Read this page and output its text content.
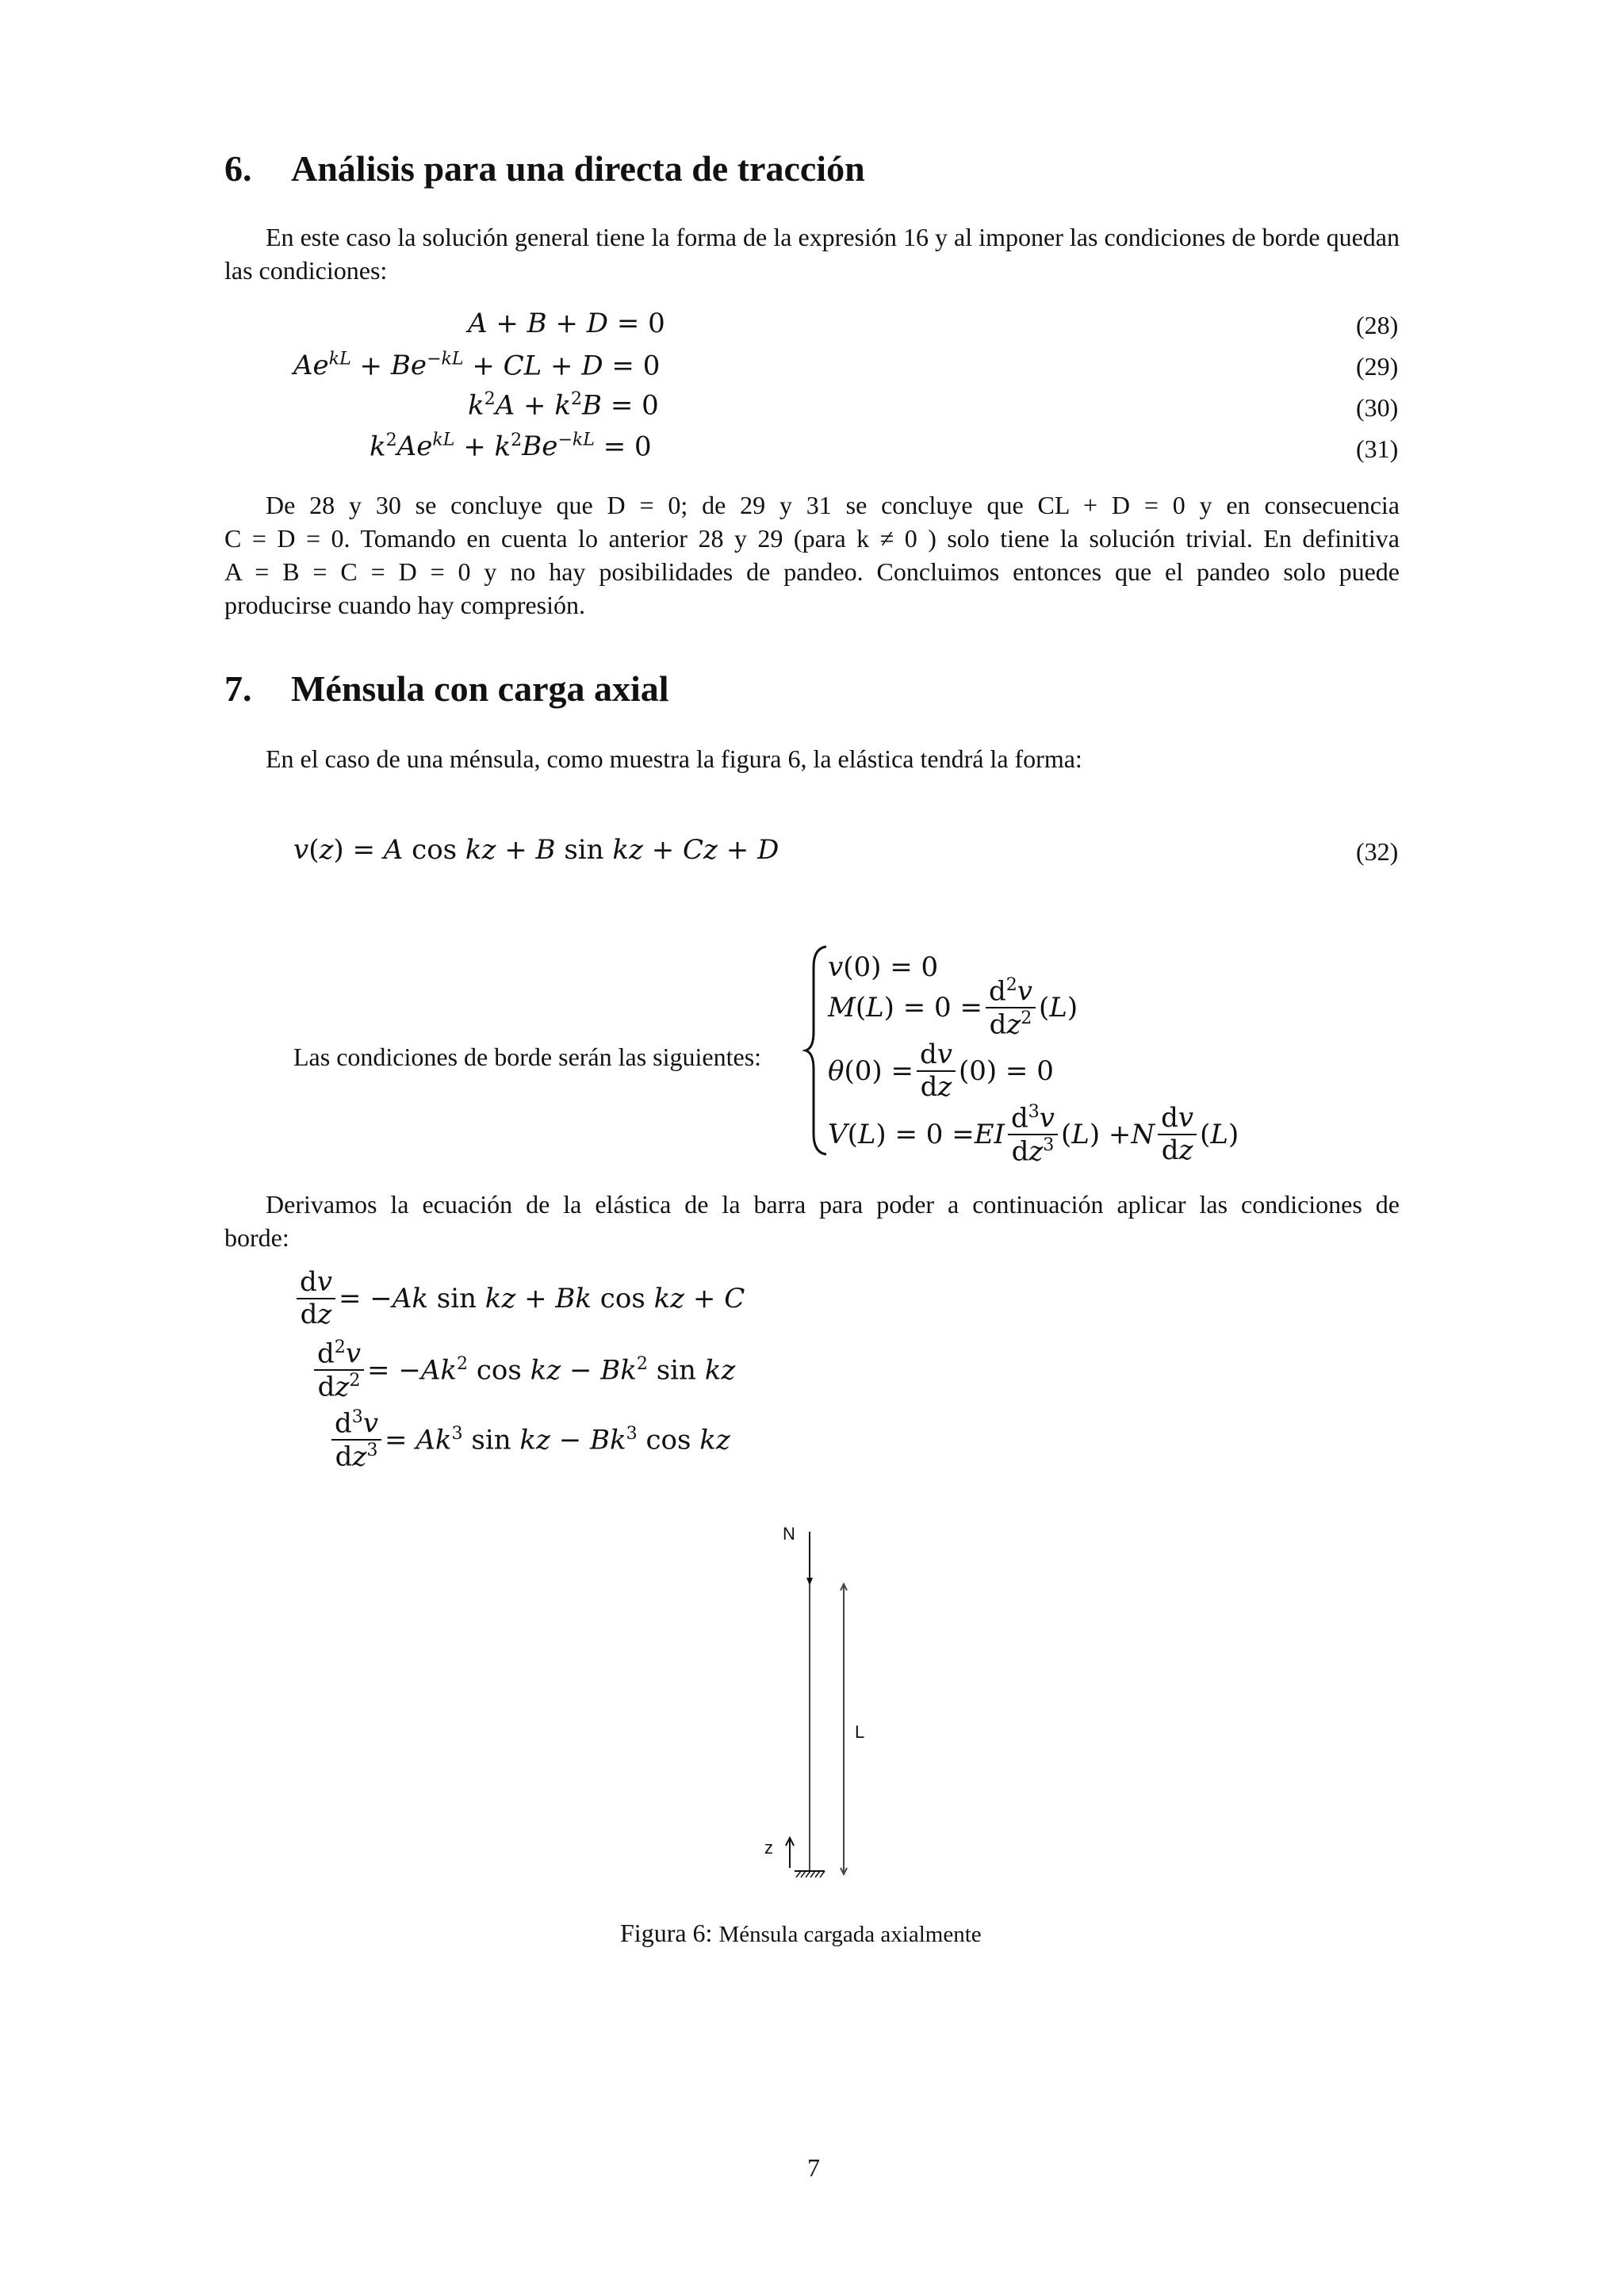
6. Análisis para una directa de tracción
En este caso la solución general tiene la forma de la expresión 16 y al imponer las condiciones de borde quedan las condiciones:
A + B + D = 0	(28)
$Ae^{kL} + Be^{-kL}$ + CL + D = 0	(29)
$k^2A + k^2B = 0$	(30)
$k^2Ae^{kL} + k^2Be^{-kL} = 0$	(31)
De 28 y 30 se concluye que D = 0; de 29 y 31 se concluye que CL + D = 0 y en consecuencia
C = D = 0. Tomando en cuenta lo anterior 28 y 29 (para k ≠ 0 ) solo tiene la solución trivial. En definitiva
A = B = C = D = 0 y no hay posibilidades de pandeo. Concluimos entonces que el pandeo solo puede
producirse cuando hay compresión.
7. Ménsula con carga axial
En el caso de una ménsula, como muestra la figura 6, la elástica tendrá la forma:
v(z) = A cos kz + B sin kz + Cz + D	(32)
Las condiciones de borde serán las siguientes:
v(0) = 0
M ( L ) = $0 = \frac{d^2v}{dz^2}$ ( L )
θ $(0) = \frac{dv}{dz} (0) = 0$
V ( L ) = 0 = EI $\frac{d^3v}{dz^3}$ ( L ) + N $\frac{dv}{dz}$ ( L )
Derivamos la ecuación de la elástica de la barra para poder a continuación aplicar las condiciones de
borde:
$\frac{dv}{dz} = -Ak$ sin kz + Bk cos kz + C
$\frac{d^2v}{dz^2} = -Ak^2$ cos kz − $Bk^2$ sin kz
$\frac{d^3v}{dz^3} = Ak^3$ sin kz − $Bk^3$ cos kz
N
L
z
Figura 6: Ménsula cargada axialmente
7
